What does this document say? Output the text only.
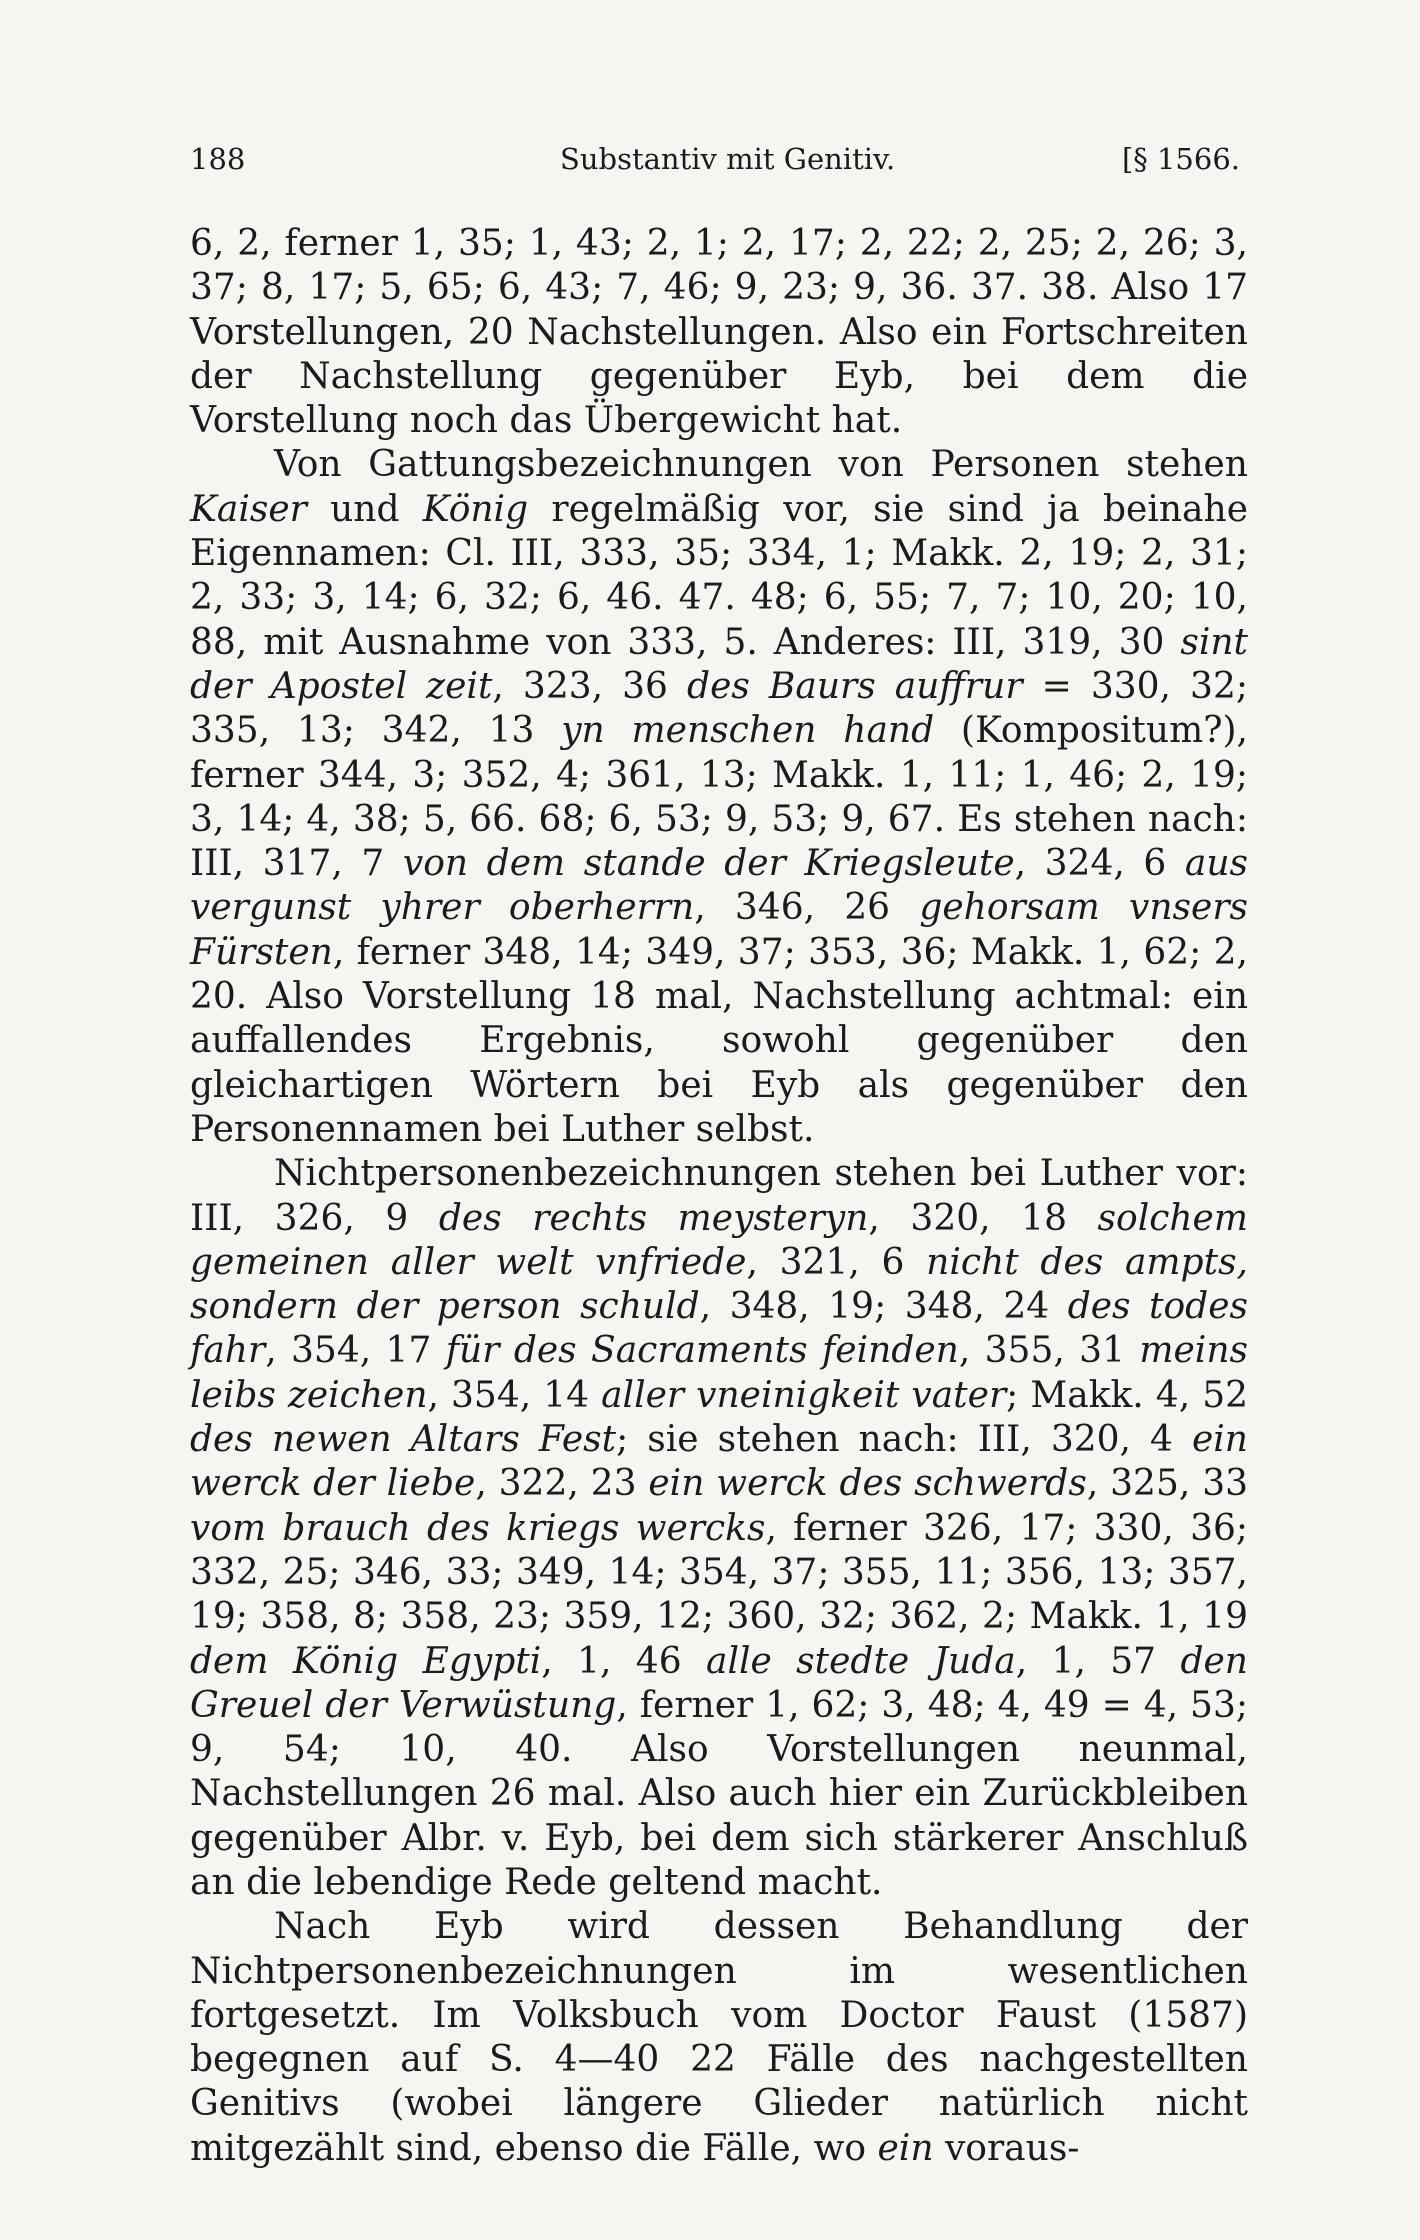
188	Substantiv mit Genitiv.	[§ 1566.

6, 2, ferner 1, 35; 1, 43; 2, 1; 2, 17; 2, 22; 2, 25; 2, 26; 3, 37; 8, 17; 5, 65; 6, 43; 7, 46; 9, 23; 9, 36. 37. 38. Also 17 Vorstellungen, 20 Nachstellungen. Also ein Fortschreiten der Nachstellung gegenüber Eyb, bei dem die Vorstellung noch das Übergewicht hat.

Von Gattungsbezeichnungen von Personen stehen Kaiser und König regelmäßig vor, sie sind ja beinahe Eigennamen: Cl. III, 333, 35; 334, 1; Makk. 2, 19; 2, 31; 2, 33; 3, 14; 6, 32; 6, 46. 47. 48; 6, 55; 7, 7; 10, 20; 10, 88, mit Ausnahme von 333, 5. Anderes: III, 319, 30 sint der Apostel zeit, 323, 36 des Baurs auffrur = 330, 32; 335, 13; 342, 13 yn menschen hand (Kompositum?), ferner 344, 3; 352, 4; 361, 13; Makk. 1, 11; 1, 46; 2, 19; 3, 14; 4, 38; 5, 66. 68; 6, 53; 9, 53; 9, 67. Es stehen nach: III, 317, 7 von dem stande der Kriegsleute, 324, 6 aus vergunst yhrer oberherrn, 346, 26 gehorsam vnsers Fürsten, ferner 348, 14; 349, 37; 353, 36; Makk. 1, 62; 2, 20. Also Vorstellung 18 mal, Nachstellung achtmal: ein auffallendes Ergebnis, sowohl gegenüber den gleichartigen Wörtern bei Eyb als gegenüber den Personennamen bei Luther selbst.

Nichtpersonenbezeichnungen stehen bei Luther vor: III, 326, 9 des rechts meysteryn, 320, 18 solchem gemeinen aller welt vnfriede, 321, 6 nicht des ampts, sondern der person schuld, 348, 19; 348, 24 des todes fahr, 354, 17 für des Sacraments feinden, 355, 31 meins leibs zeichen, 354, 14 aller vneinigkeit vater; Makk. 4, 52 des newen Altars Fest; sie stehen nach: III, 320, 4 ein werck der liebe, 322, 23 ein werck des schwerds, 325, 33 vom brauch des kriegs wercks, ferner 326, 17; 330, 36; 332, 25; 346, 33; 349, 14; 354, 37; 355, 11; 356, 13; 357, 19; 358, 8; 358, 23; 359, 12; 360, 32; 362, 2; Makk. 1, 19 dem König Egypti, 1, 46 alle stedte Juda, 1, 57 den Greuel der Verwüstung, ferner 1, 62; 3, 48; 4, 49 = 4, 53; 9, 54; 10, 40. Also Vorstellungen neunmal, Nachstellungen 26 mal. Also auch hier ein Zurückbleiben gegenüber Albr. v. Eyb, bei dem sich stärkerer Anschluß an die lebendige Rede geltend macht.

Nach Eyb wird dessen Behandlung der Nichtpersonenbezeichnungen im wesentlichen fortgesetzt. Im Volksbuch vom Doctor Faust (1587) begegnen auf S. 4—40 22 Fälle des nachgestellten Genitivs (wobei längere Glieder natürlich nicht mitgezählt sind, ebenso die Fälle, wo ein voraus-
